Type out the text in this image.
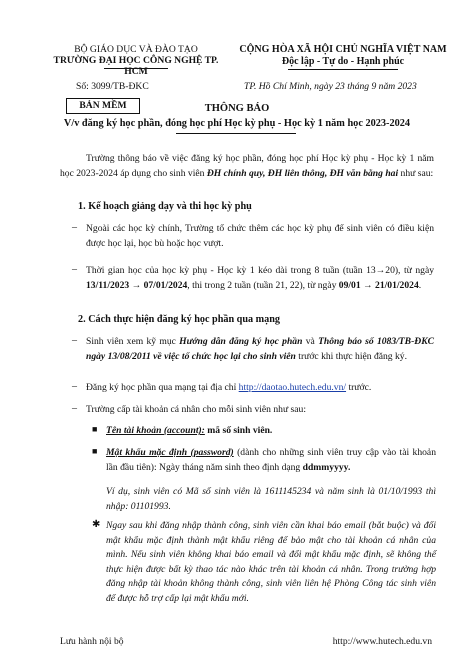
BỘ GIÁO DỤC VÀ ĐÀO TẠO
TRƯỜNG ĐẠI HỌC CÔNG NGHỆ TP. HCM
CỘNG HÒA XÃ HỘI CHỦ NGHĨA VIỆT NAM
Độc lập - Tự do - Hạnh phúc
Số: 3099/TB-ĐKC	TP. Hồ Chí Minh, ngày 23 tháng 9 năm 2023
BẢN MỀM	THÔNG BÁO
V/v đăng ký học phần, đóng học phí Học kỳ phụ - Học kỳ 1 năm học 2023-2024
Trường thông báo về việc đăng ký học phần, đóng học phí Học kỳ phụ - Học kỳ 1 năm học 2023-2024 áp dụng cho sinh viên ĐH chính quy, ĐH liên thông, ĐH văn bằng hai như sau:
1. Kế hoạch giảng dạy và thi học kỳ phụ
– Ngoài các học kỳ chính, Trường tổ chức thêm các học kỳ phụ để sinh viên có điều kiện được học lại, học bù hoặc học vượt.
– Thời gian học của học kỳ phụ - Học kỳ 1 kéo dài trong 8 tuần (tuần 13→20), từ ngày 13/11/2023 → 07/01/2024, thi trong 2 tuần (tuần 21, 22), từ ngày 09/01 → 21/01/2024.
2. Cách thực hiện đăng ký học phần qua mạng
– Sinh viên xem kỹ mục Hướng dẫn đăng ký học phần và Thông báo số 1083/TB-ĐKC ngày 13/08/2011 về việc tổ chức học lại cho sinh viên trước khi thực hiện đăng ký.
– Đăng ký học phần qua mạng tại địa chỉ http://daotao.hutech.edu.vn/ trước.
– Trường cấp tài khoản cá nhân cho mỗi sinh viên như sau:
■ Tên tài khoản (account): mã số sinh viên.
■ Mật khẩu mặc định (password) (dành cho những sinh viên truy cập vào tài khoản lần đầu tiên): Ngày tháng năm sinh theo định dạng ddmmyyyy.
Ví dụ, sinh viên có Mã số sinh viên là 1611145234 và năm sinh là 01/10/1993 thì nhập: 01101993.
✱ Ngay sau khi đăng nhập thành công, sinh viên cần khai báo email (bắt buộc) và đổi mật khẩu mặc định thành mật khẩu riêng để bảo mật cho tài khoản cá nhân của mình. Nếu sinh viên không khai báo email và đổi mật khẩu mặc định, sẽ không thể thực hiện được bất kỳ thao tác nào khác trên tài khoản cá nhân. Trong trường hợp đăng nhập tài khoản không thành công, sinh viên liên hệ Phòng Công tác sinh viên để được hỗ trợ cấp lại mật khẩu mới.
Lưu hành nội bộ	http://www.hutech.edu.vn
